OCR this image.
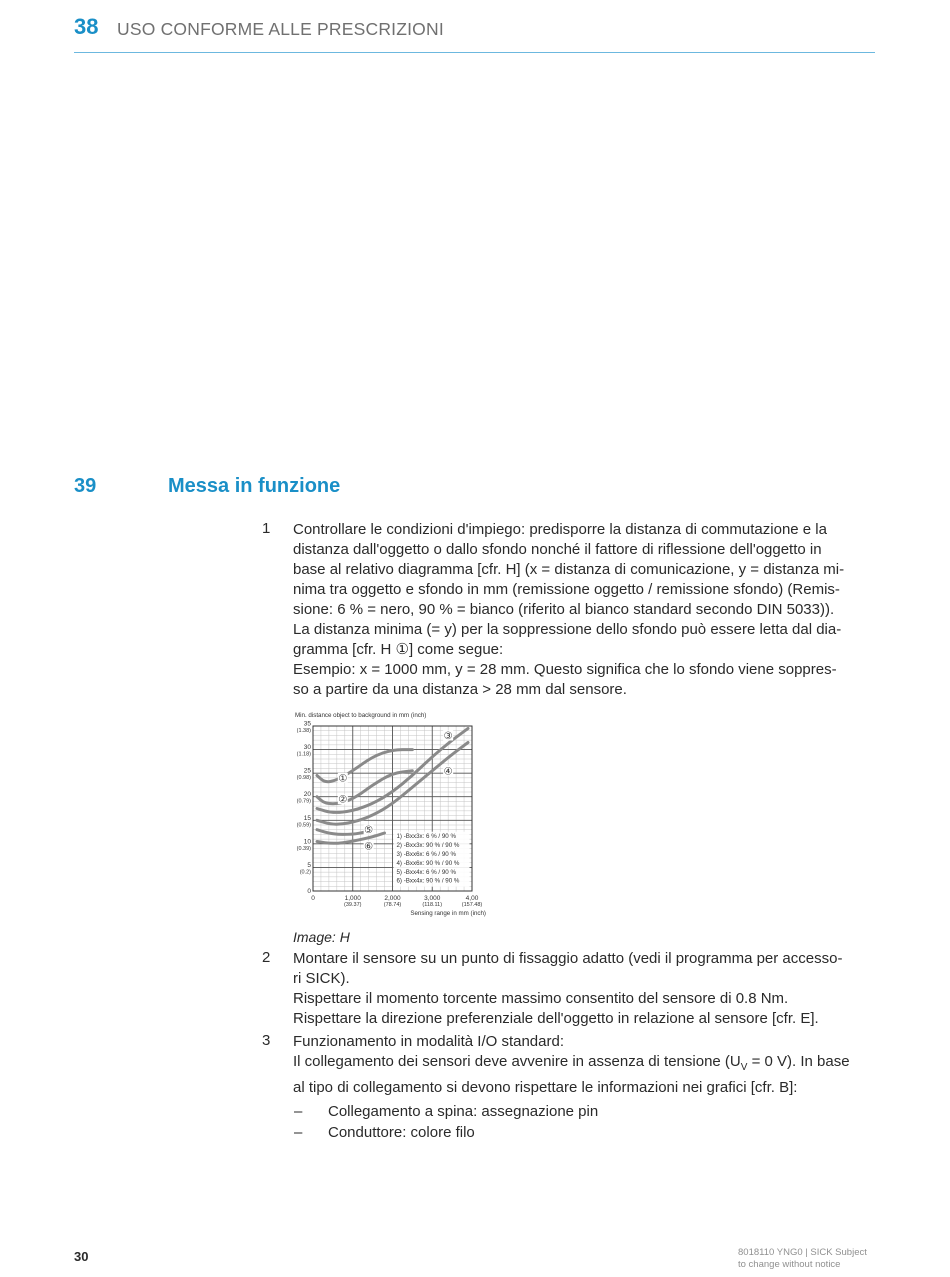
38 USO CONFORME ALLE PRESCRIZIONI
39	Messa in funzione
1 Controllare le condizioni d'impiego: predisporre la distanza di commutazione e la
distanza dall'oggetto o dallo sfondo nonché il fattore di riflessione dell'oggetto in
base al relativo diagramma [cfr. H] (x = distanza di comunicazione, y = distanza mi-
nima tra oggetto e sfondo in mm (remissione oggetto / remissione sfondo) (Remis-
sione: 6 % = nero, 90 % = bianco (riferito al bianco standard secondo DIN 5033)).
La distanza minima (= y) per la soppressione dello sfondo può essere letta dal dia-
gramma [cfr. H ①] come segue:
Esempio: x = 1000 mm, y = 28 mm. Questo significa che lo sfondo viene soppres-
so a partire da una distanza > 28 mm dal sensore.
Min. distance object to background in mm (inch)
35
(1.38)
30
(1.18)
25
(0.98)
20
(0.79)
15
(0.59)
10
(0.39)
5
(0.2)
0
0	1,000
(39.37)
2,000
(78.74)
3,000
(118.11)
4,00
(157.48)
Sensing range in mm (inch)
①
②
③
④
⑤
⑥
1) -Bxx3x: 6 % / 90 %
2) -Bxx3x: 90 % / 90 %
3) -Bxx6x: 6 % / 90 %
4) -Bxx6x: 90 % / 90 %
5) -Bxx4x: 6 % / 90 %
6) -Bxx4x: 90 % / 90 %
Image: H
2 Montare il sensore su un punto di fissaggio adatto (vedi il programma per accesso-
ri SICK).
Rispettare il momento torcente massimo consentito del sensore di 0.8 Nm.
Rispettare la direzione preferenziale dell'oggetto in relazione al sensore [cfr. E].
3 Funzionamento in modalità I/O standard:
Il collegamento dei sensori deve avvenire in assenza di tensione ($U_V = 0$ V). In base
al tipo di collegamento si devono rispettare le informazioni nei grafici [cfr. B]:
– Collegamento a spina: assegnazione pin
– Conduttore: colore filo
30	8018110 YNG0 | SICK Subject
to change without notice
